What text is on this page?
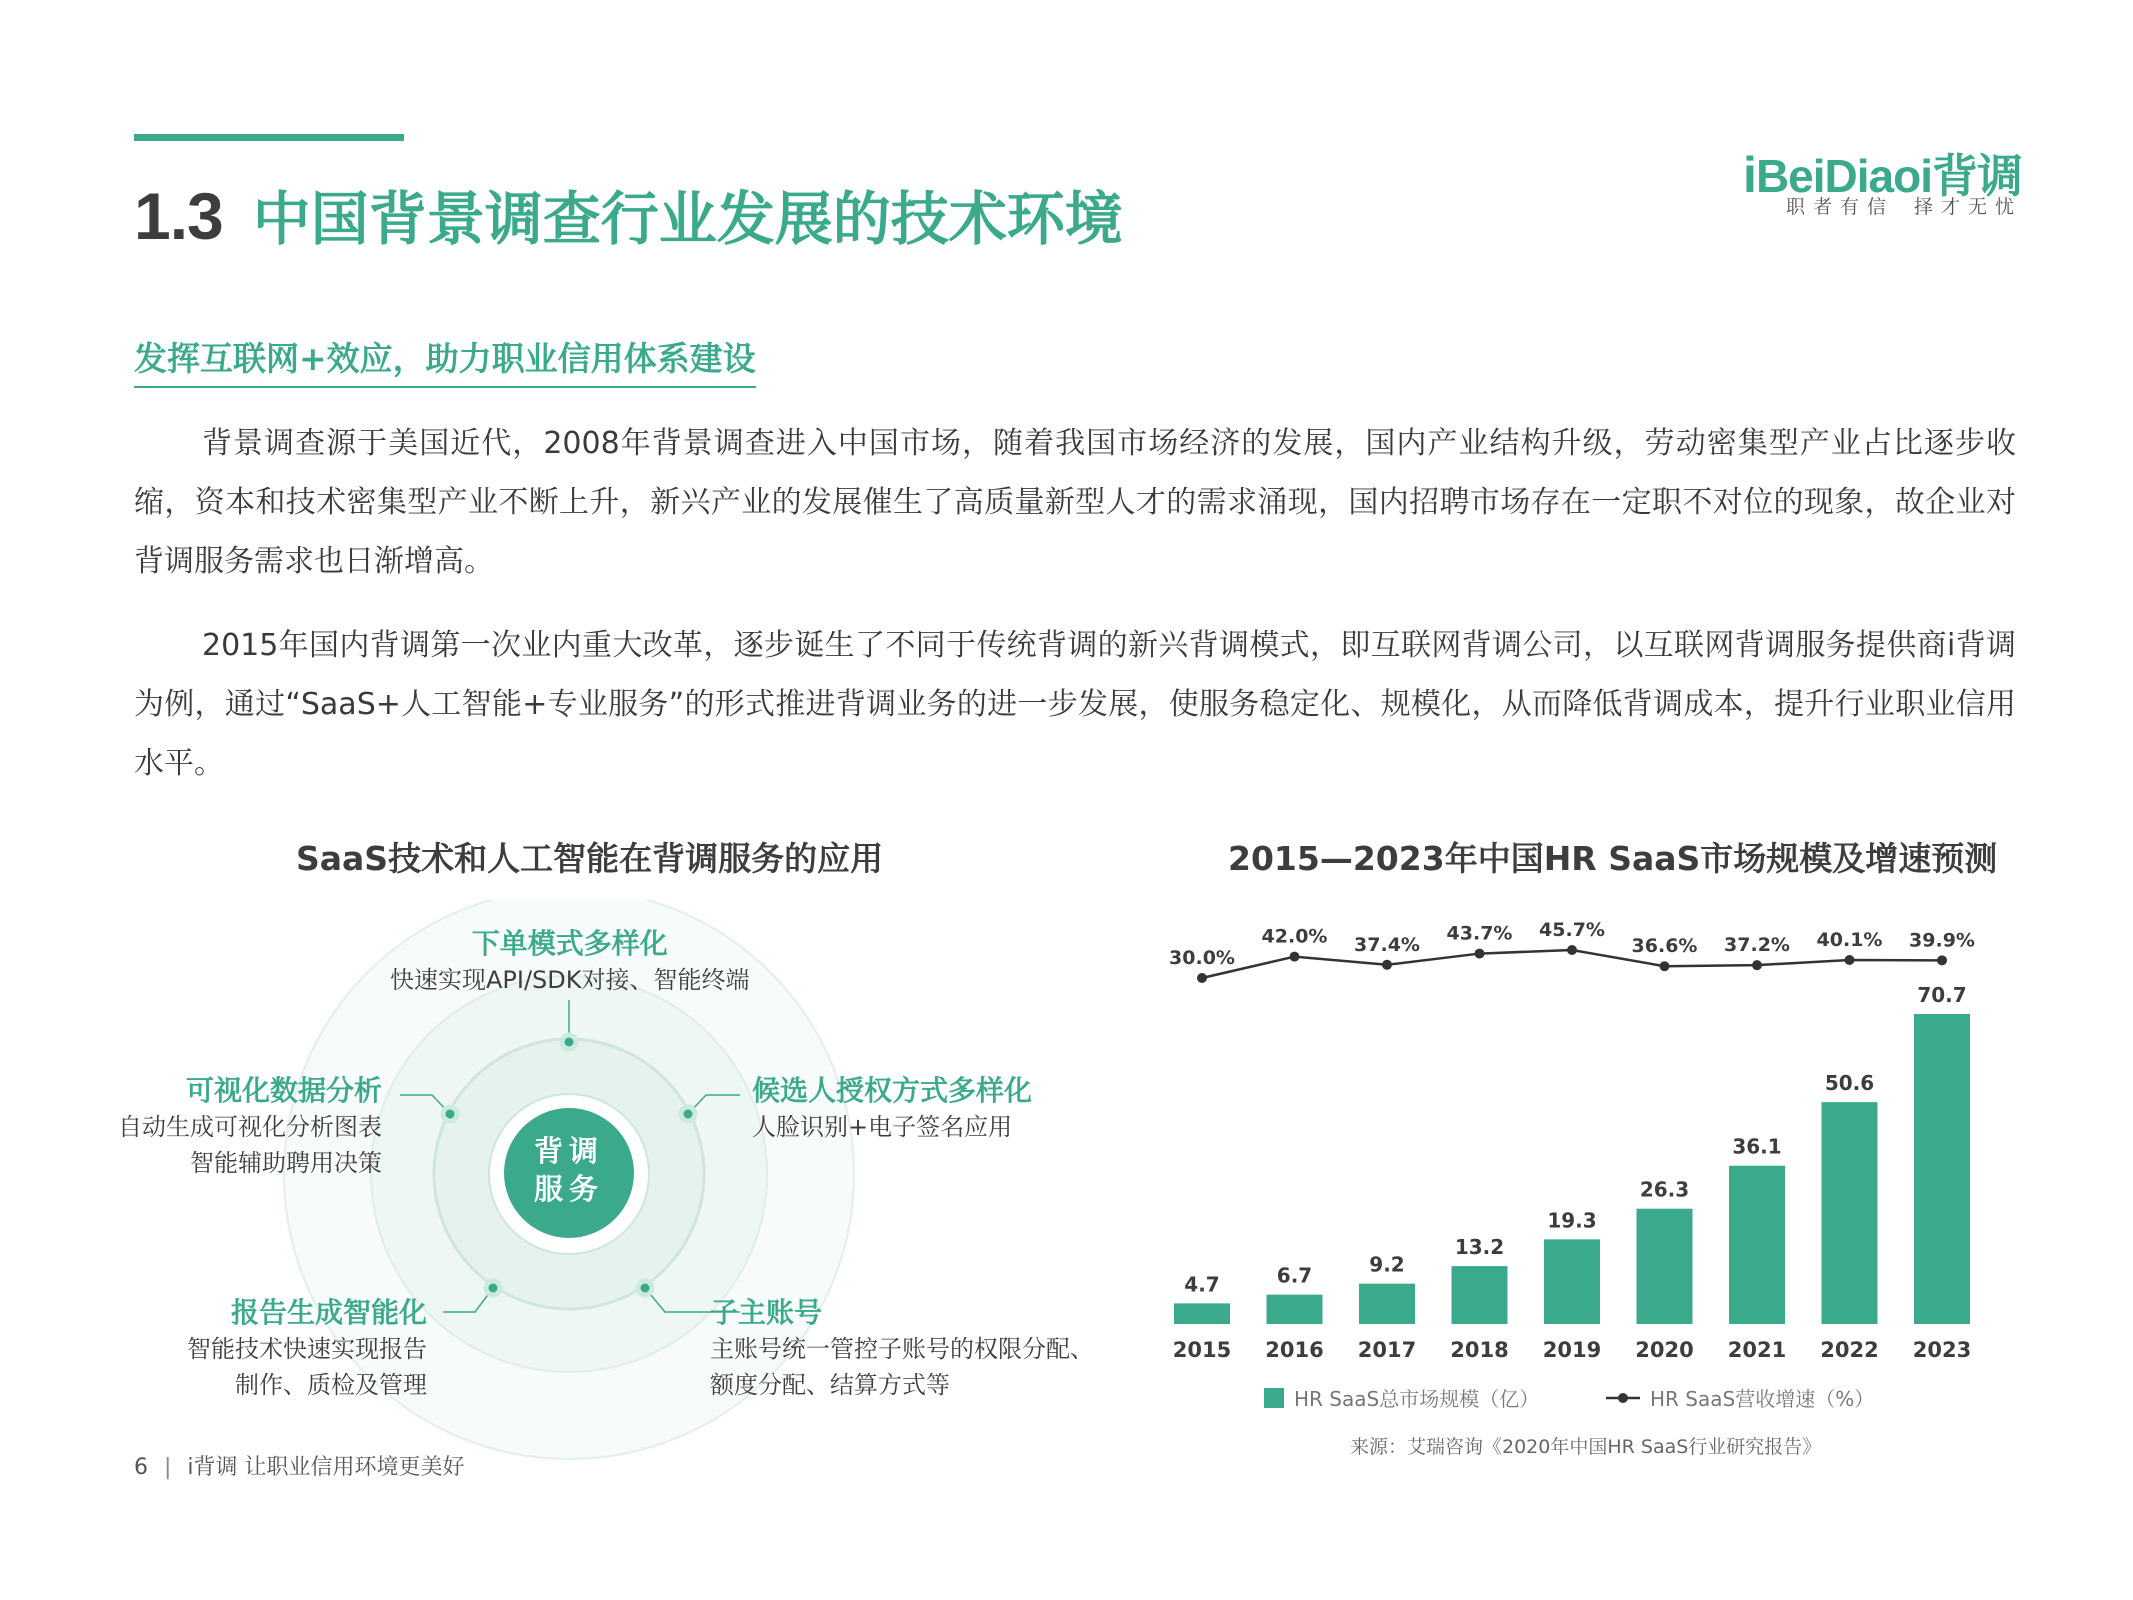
1.3 中国背景调查行业发展的技术环境
iBeiDiaoi背调
职者有信 择才无忧
发挥互联网+效应，助力职业信用体系建设

背景调查源于美国近代，2008年背景调查进入中国市场，随着我国市场经济的发展，国内产业结构升级，劳动密集型产业占比逐步收缩，资本和技术密集型产业不断上升，新兴产业的发展催生了高质量新型人才的需求涌现，国内招聘市场存在一定职不对位的现象，故企业对背调服务需求也日渐增高。

2015年国内背调第一次业内重大改革，逐步诞生了不同于传统背调的新兴背调模式，即互联网背调公司，以互联网背调服务提供商i背调为例，通过“SaaS+人工智能+专业服务”的形式推进背调业务的进一步发展，使服务稳定化、规模化，从而降低背调成本，提升行业职业信用水平。

SaaS技术和人工智能在背调服务的应用	2015—2023年中国HR SaaS市场规模及增速预测
背调
服务
下单模式多样化
快速实现API/SDK对接、智能终端
候选人授权方式多样化
人脸识别+电子签名应用
子主账号
主账号统一管控子账号的权限分配、
额度分配、结算方式等
报告生成智能化
智能技术快速实现报告
制作、质检及管理
可视化数据分析
自动生成可视化分析图表
智能辅助聘用决策
4.7
2015
6.7
2016
9.2
2017
13.2
2018
19.3
2019
26.3
2020
36.1
2021
50.6
2022
70.7
2023
30.0%
42.0% 37.4%
43.7% 45.7%
36.6% 37.2% 40.1% 39.9%
HR SaaS总市场规模（亿）	HR SaaS营收增速（%）
来源：艾瑞咨询《2020年中国HR SaaS行业研究报告》
6 | i背调 让职业信用环境更美好
